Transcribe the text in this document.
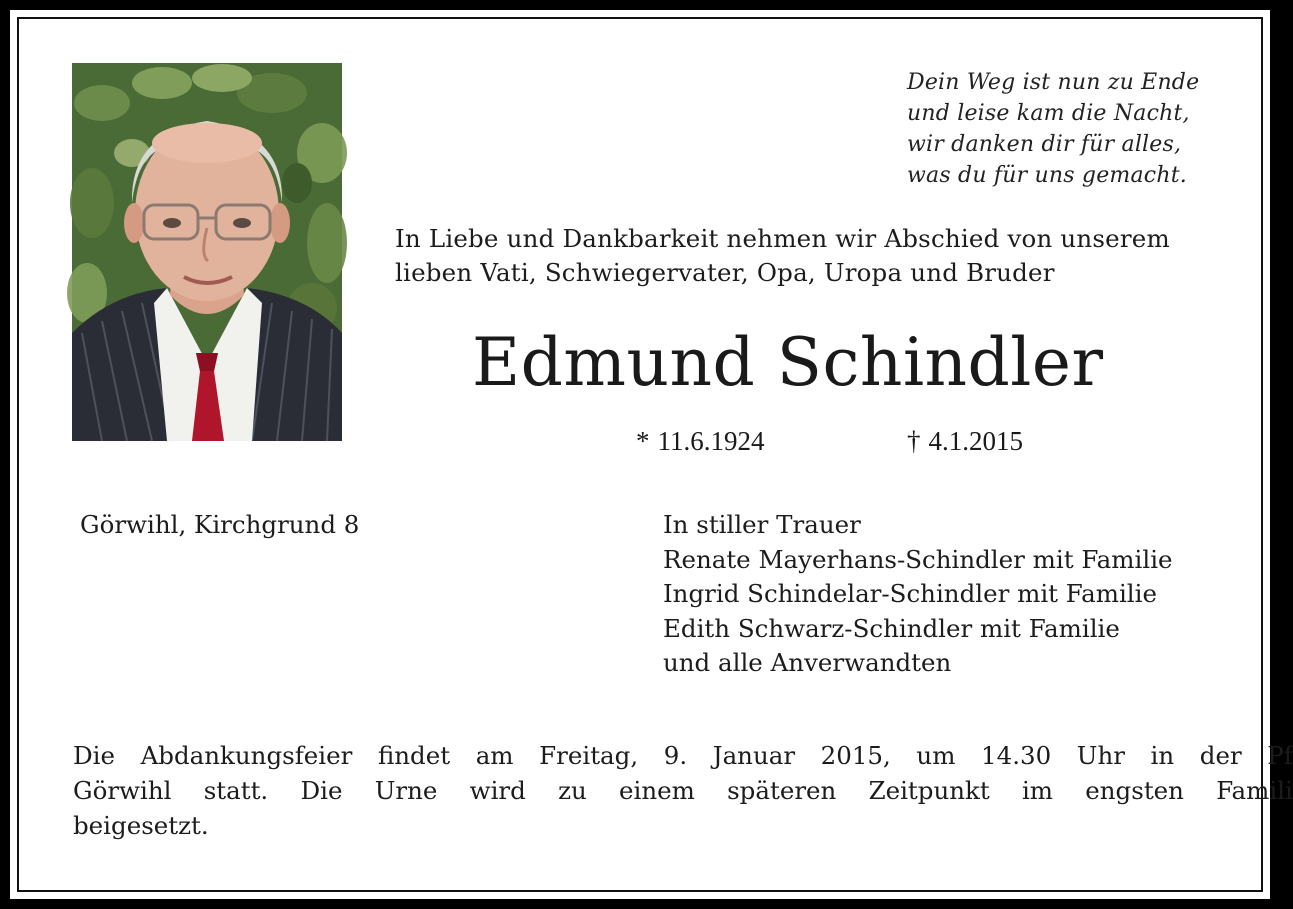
Dein Weg ist nun zu Ende
und leise kam die Nacht,
wir danken dir für alles,
was du für uns gemacht.
In Liebe und Dankbarkeit nehmen wir Abschied von unserem
lieben Vati, Schwiegervater, Opa, Uropa und Bruder
Edmund Schindler
* 11.6.1924	† 4.1.2015
Görwihl, Kirchgrund 8	In stiller Trauer
Renate Mayerhans-Schindler mit Familie
Ingrid Schindelar-Schindler mit Familie
Edith Schwarz-Schindler mit Familie
und alle Anverwandten
Die Abdankungsfeier findet am Freitag, 9. Januar 2015, um 14.30 Uhr in der Pf
Görwihl statt. Die Urne wird zu einem späteren Zeitpunkt im engsten Famili
beigesetzt.
